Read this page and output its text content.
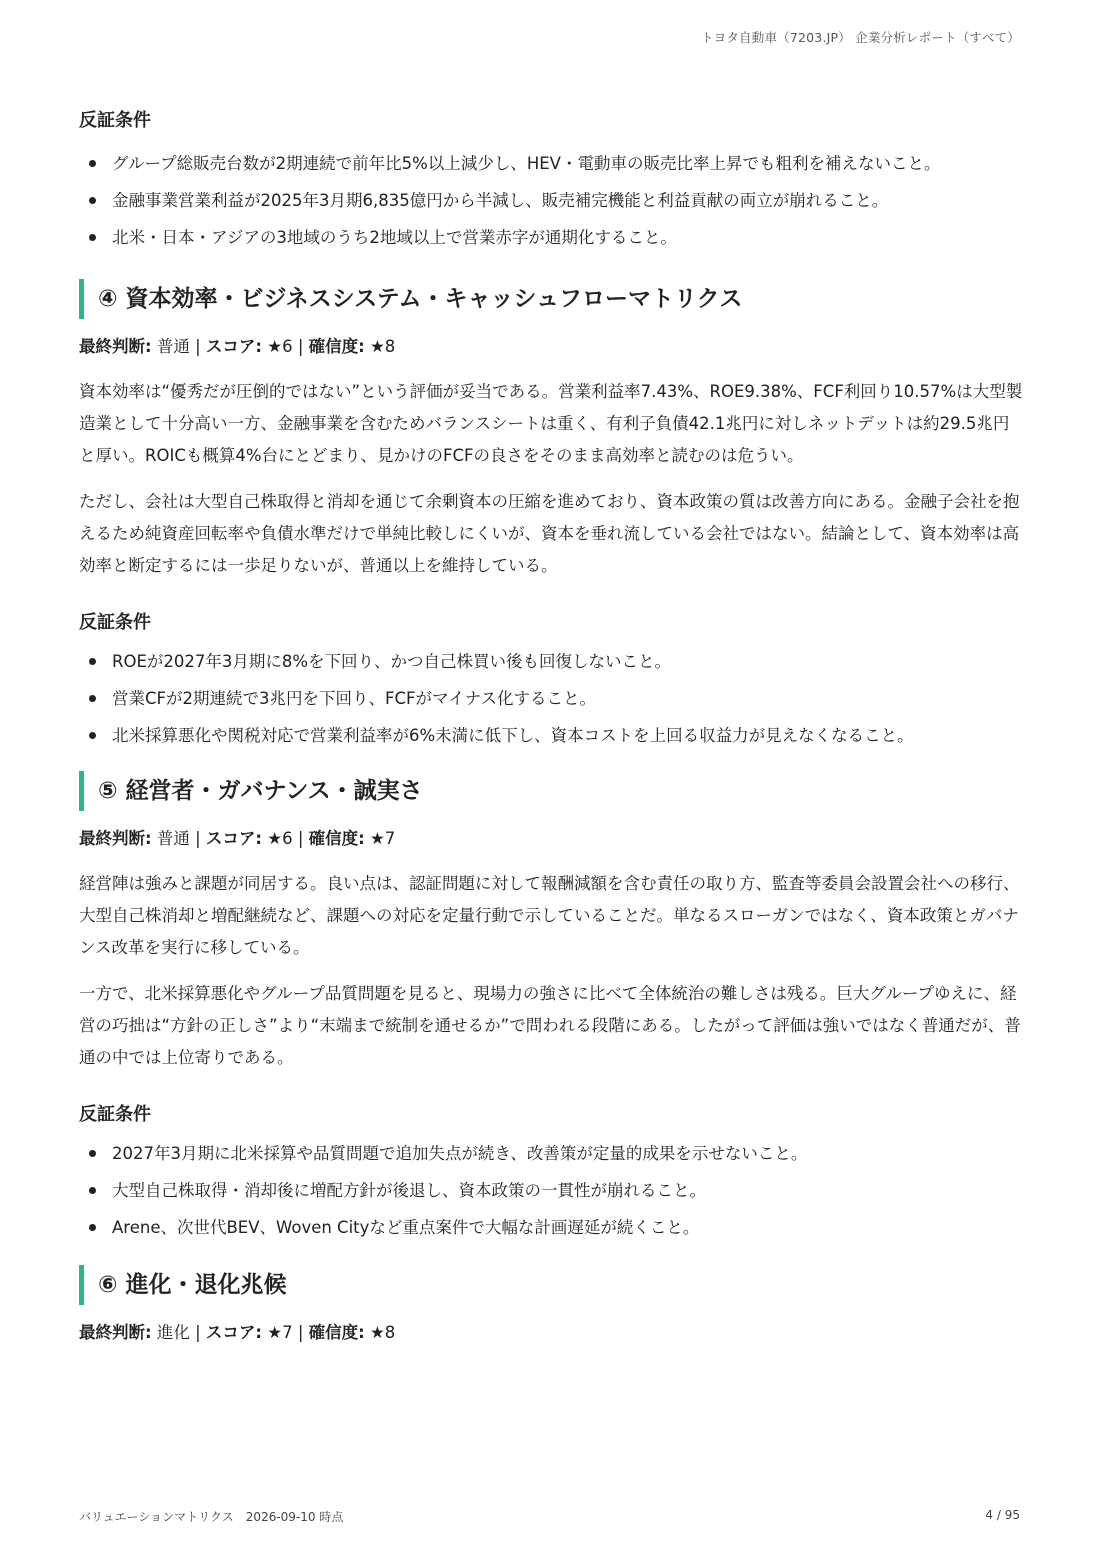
トヨタ自動車（7203.JP） 企業分析レポート（すべて）
反証条件
グループ総販売台数が2期連続で前年比5%以上減少し、HEV・電動車の販売比率上昇でも粗利を補えないこと。
金融事業営業利益が2025年3月期6,835億円から半減し、販売補完機能と利益貢献の両立が崩れること。
北米・日本・アジアの3地域のうち2地域以上で営業赤字が通期化すること。
④ 資本効率・ビジネスシステム・キャッシュフローマトリクス

最終判断: 普通 | スコア: ★6 | 確信度: ★8

資本効率は“優秀だが圧倒的ではない”という評価が妥当である。営業利益率7.43%、ROE9.38%、FCF利回り10.57%は大型製造業として十分高い一方、金融事業を含むためバランスシートは重く、有利子負債42.1兆円に対しネットデットは約29.5兆円と厚い。ROICも概算4%台にとどまり、見かけのFCFの良さをそのまま高効率と読むのは危うい。

ただし、会社は大型自己株取得と消却を通じて余剰資本の圧縮を進めており、資本政策の質は改善方向にある。金融子会社を抱えるため純資産回転率や負債水準だけで単純比較しにくいが、資本を垂れ流している会社ではない。結論として、資本効率は高効率と断定するには一歩足りないが、普通以上を維持している。

反証条件
ROEが2027年3月期に8%を下回り、かつ自己株買い後も回復しないこと。
営業CFが2期連続で3兆円を下回り、FCFがマイナス化すること。
北米採算悪化や関税対応で営業利益率が6%未満に低下し、資本コストを上回る収益力が見えなくなること。
⑤ 経営者・ガバナンス・誠実さ

最終判断: 普通 | スコア: ★6 | 確信度: ★7

経営陣は強みと課題が同居する。良い点は、認証問題に対して報酬減額を含む責任の取り方、監査等委員会設置会社への移行、大型自己株消却と増配継続など、課題への対応を定量行動で示していることだ。単なるスローガンではなく、資本政策とガバナンス改革を実行に移している。

一方で、北米採算悪化やグループ品質問題を見ると、現場力の強さに比べて全体統治の難しさは残る。巨大グループゆえに、経営の巧拙は“方針の正しさ”より“末端まで統制を通せるか”で問われる段階にある。したがって評価は強いではなく普通だが、普通の中では上位寄りである。

反証条件
2027年3月期に北米採算や品質問題で追加失点が続き、改善策が定量的成果を示せないこと。
大型自己株取得・消却後に増配方針が後退し、資本政策の一貫性が崩れること。
Arene、次世代BEV、Woven Cityなど重点案件で大幅な計画遅延が続くこと。
⑥ 進化・退化兆候

最終判断: 進化 | スコア: ★7 | 確信度: ★8

バリュエーションマトリクス　2026-09-10 時点	4 / 95
